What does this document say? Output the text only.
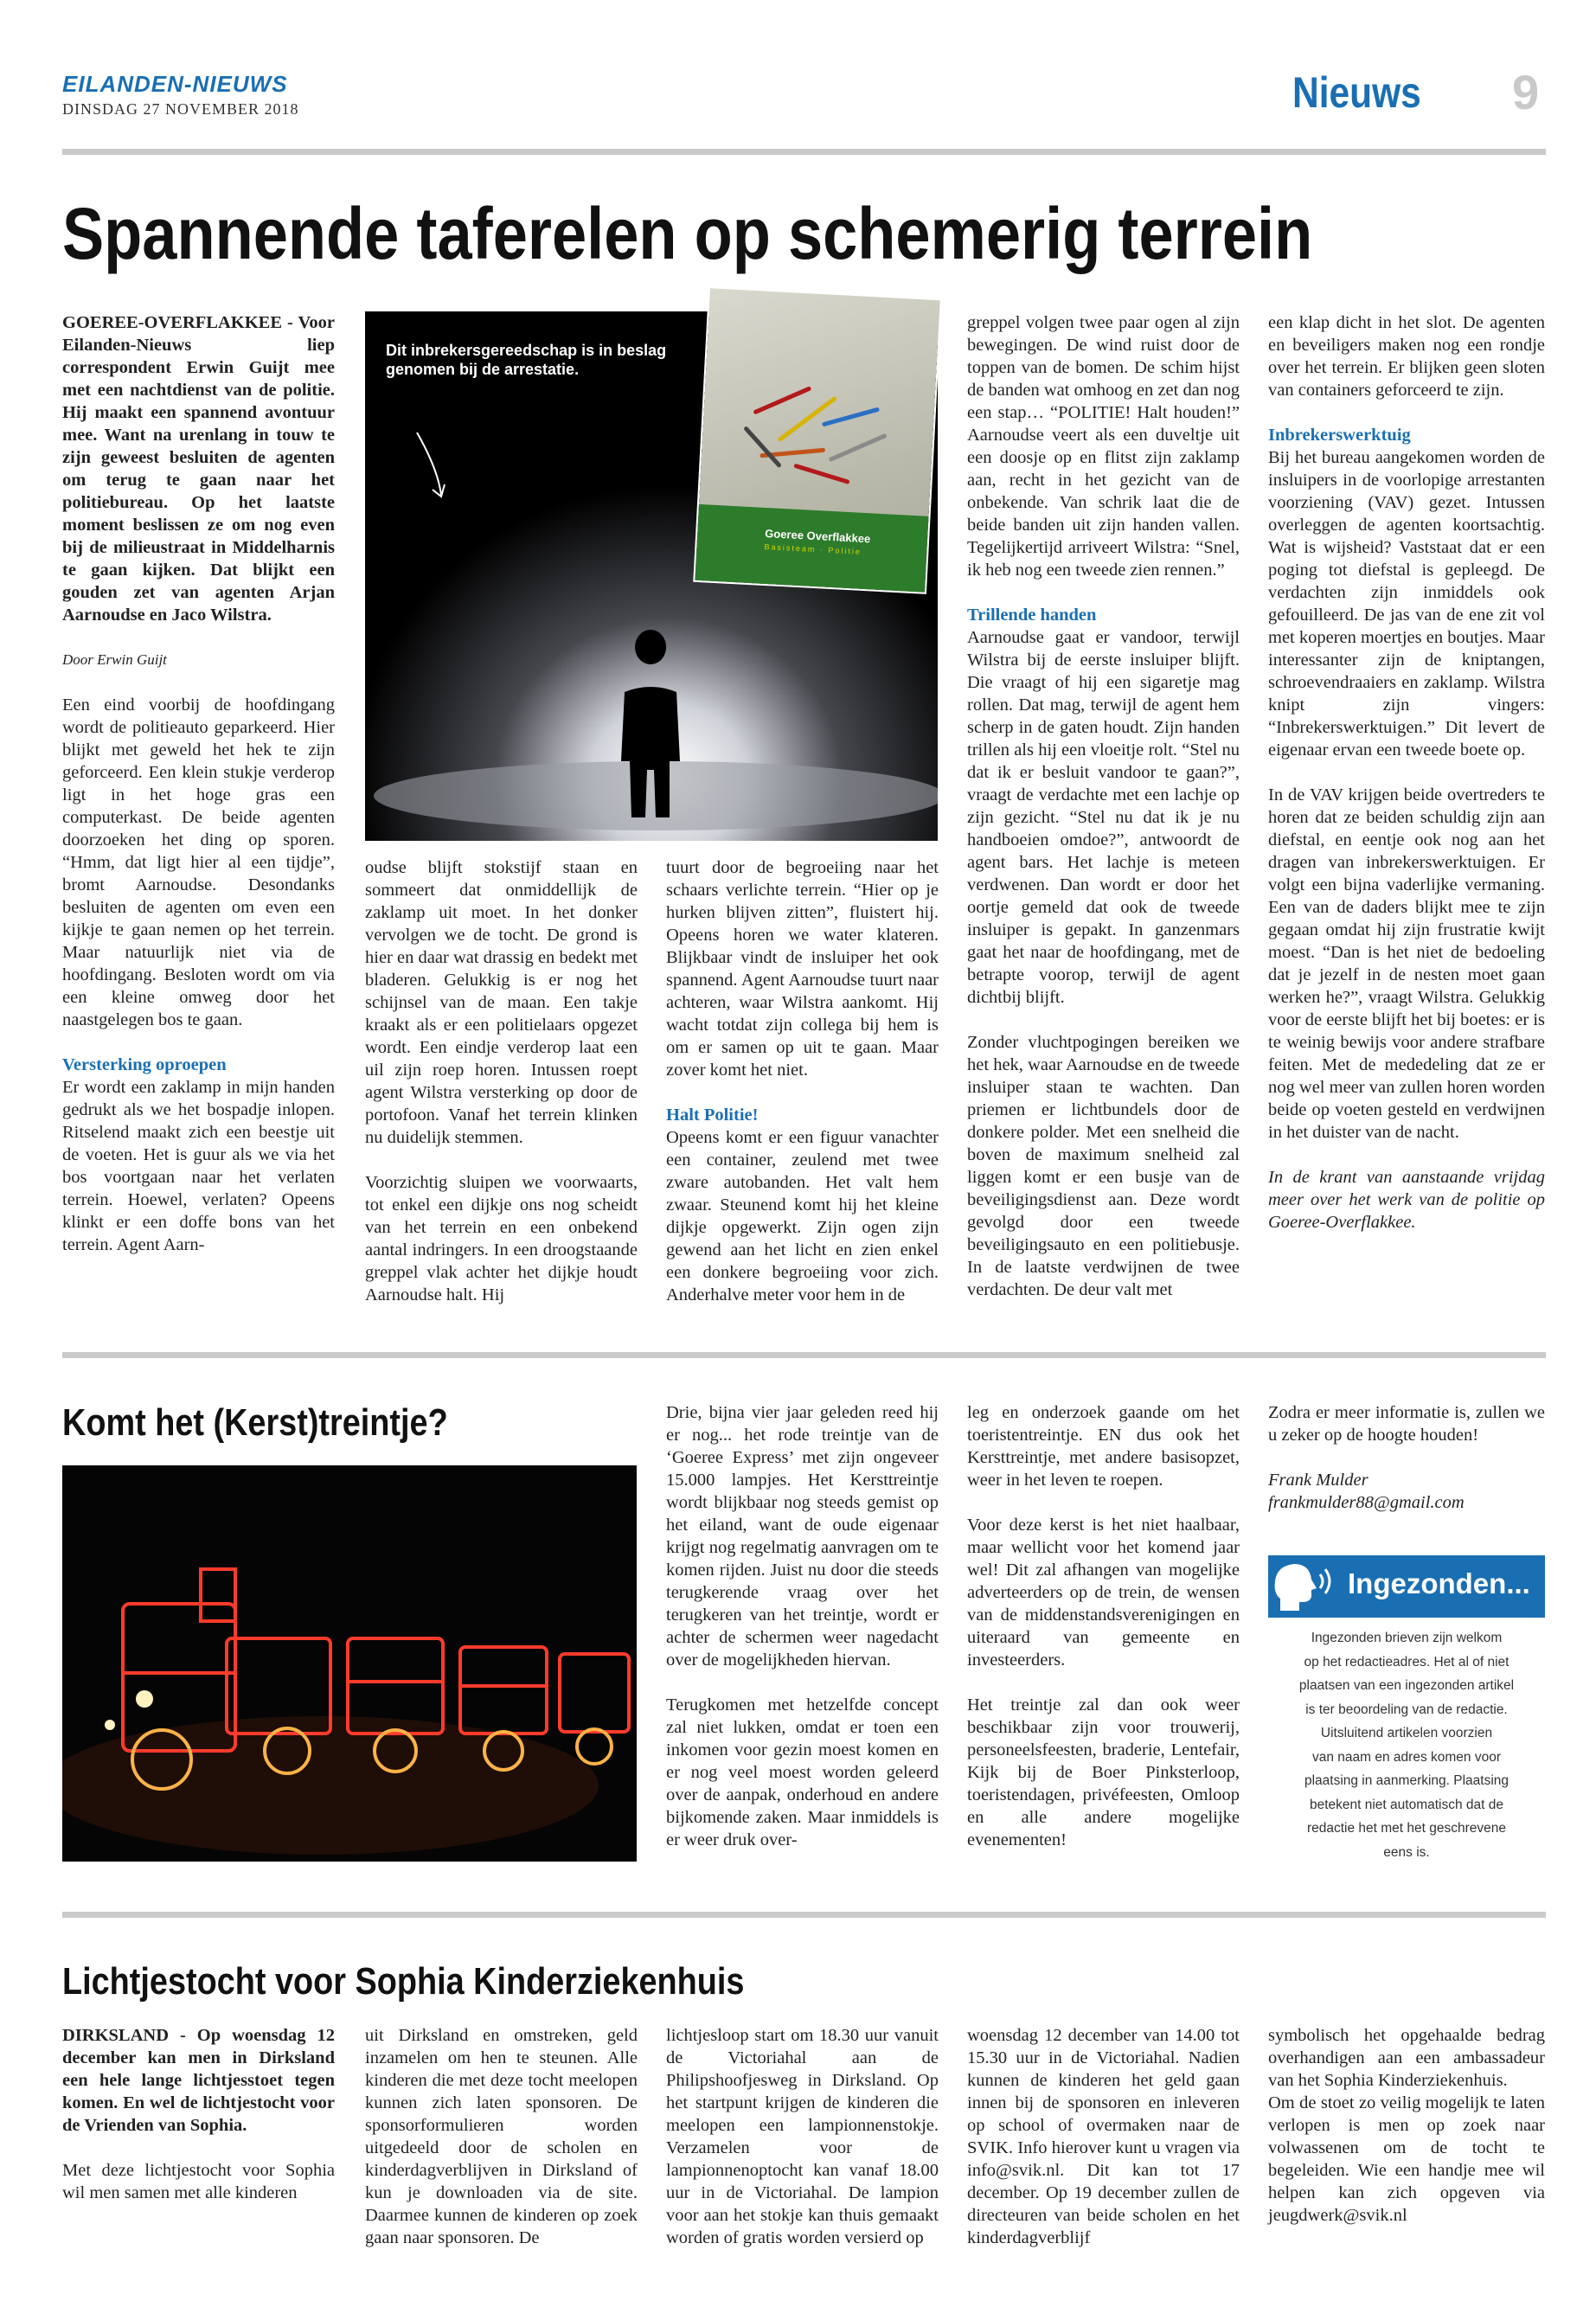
EILANDEN-NIEUWS
DINSDAG 27 NOVEMBER 2018	Nieuws 9
Spannende taferelen op schemerig terrein

GOEREE-OVERFLAKKEE - Voor Eilanden-Nieuws liep correspondent Erwin Guijt mee met een nachtdienst van de politie. Hij maakt een spannend avontuur mee. Want na urenlang in touw te zijn geweest besluiten de agenten om terug te gaan naar het politiebureau. Op het laatste moment beslissen ze om nog even bij de milieustraat in Middelharnis te gaan kijken. Dat blijkt een gouden zet van agenten Arjan Aarnoudse en Jaco Wilstra.

Door Erwin Guijt

Een eind voorbij de hoofdingang wordt de politieauto geparkeerd. Hier blijkt met geweld het hek te zijn geforceerd. Een klein stukje verderop ligt in het hoge gras een computerkast. De beide agenten doorzoeken het ding op sporen. “Hmm, dat ligt hier al een tijdje”, bromt Aarnoudse. Desondanks besluiten de agenten om even een kijkje te gaan nemen op het terrein. Maar natuurlijk niet via de hoofdingang. Besloten wordt om via een kleine omweg door het naastgelegen bos te gaan.

Versterking oproepen

Er wordt een zaklamp in mijn handen gedrukt als we het bospadje inlopen. Ritselend maakt zich een beestje uit de voeten. Het is guur als we via het bos voortgaan naar het verlaten terrein. Hoewel, verlaten? Opeens klinkt er een doffe bons van het terrein. Agent Aarn-

Dit inbrekersgereedschap is in beslag genomen bij de arrestatie.
Goeree Overflakkee
Basisteam · Politie

oudse blijft stokstijf staan en sommeert dat onmiddellijk de zaklamp uit moet. In het donker vervolgen we de tocht. De grond is hier en daar wat drassig en bedekt met bladeren. Gelukkig is er nog het schijnsel van de maan. Een takje kraakt als er een politielaars opgezet wordt. Een eindje verderop laat een uil zijn roep horen. Intussen roept agent Wilstra versterking op door de portofoon. Vanaf het terrein klinken nu duidelijk stemmen.

Voorzichtig sluipen we voorwaarts, tot enkel een dijkje ons nog scheidt van het terrein en een onbekend aantal indringers. In een droogstaande greppel vlak achter het dijkje houdt Aarnoudse halt. Hij

tuurt door de begroeiing naar het schaars verlichte terrein. “Hier op je hurken blijven zitten”, fluistert hij. Opeens horen we water klateren. Blijkbaar vindt de insluiper het ook spannend. Agent Aarnoudse tuurt naar achteren, waar Wilstra aankomt. Hij wacht totdat zijn collega bij hem is om er samen op uit te gaan. Maar zover komt het niet.

Halt Politie!

Opeens komt er een figuur vanachter een container, zeulend met twee zware autobanden. Het valt hem zwaar. Steunend komt hij het kleine dijkje opgewerkt. Zijn ogen zijn gewend aan het licht en zien enkel een donkere begroeiing voor zich. Anderhalve meter voor hem in de

greppel volgen twee paar ogen al zijn bewegingen. De wind ruist door de toppen van de bomen. De schim hijst de banden wat omhoog en zet dan nog een stap… “POLITIE! Halt houden!” Aarnoudse veert als een duveltje uit een doosje op en flitst zijn zaklamp aan, recht in het gezicht van de onbekende. Van schrik laat die de beide banden uit zijn handen vallen. Tegelijkertijd arriveert Wilstra: “Snel, ik heb nog een tweede zien rennen.”

Trillende handen

Aarnoudse gaat er vandoor, terwijl Wilstra bij de eerste insluiper blijft. Die vraagt of hij een sigaretje mag rollen. Dat mag, terwijl de agent hem scherp in de gaten houdt. Zijn handen trillen als hij een vloeitje rolt. “Stel nu dat ik er besluit vandoor te gaan?”, vraagt de verdachte met een lachje op zijn gezicht. “Stel nu dat ik je nu handboeien omdoe?”, antwoordt de agent bars. Het lachje is meteen verdwenen. Dan wordt er door het oortje gemeld dat ook de tweede insluiper is gepakt. In ganzenmars gaat het naar de hoofdingang, met de betrapte voorop, terwijl de agent dichtbij blijft.

Zonder vluchtpogingen bereiken we het hek, waar Aarnoudse en de tweede insluiper staan te wachten. Dan priemen er lichtbundels door de donkere polder. Met een snelheid die boven de maximum snelheid zal liggen komt er een busje van de beveiligingsdienst aan. Deze wordt gevolgd door een tweede beveiligingsauto en een politiebusje. In de laatste verdwijnen de twee verdachten. De deur valt met

een klap dicht in het slot. De agenten en beveiligers maken nog een rondje over het terrein. Er blijken geen sloten van containers geforceerd te zijn.

Inbrekerswerktuig

Bij het bureau aangekomen worden de insluipers in de voorlopige arrestanten voorziening (VAV) gezet. Intussen overleggen de agenten koortsachtig. Wat is wijsheid? Vaststaat dat er een poging tot diefstal is gepleegd. De verdachten zijn inmiddels ook gefouilleerd. De jas van de ene zit vol met koperen moertjes en boutjes. Maar interessanter zijn de kniptangen, schroevendraaiers en zaklamp. Wilstra knipt zijn vingers: “Inbrekerswerktuigen.” Dit levert de eigenaar ervan een tweede boete op.

In de VAV krijgen beide overtreders te horen dat ze beiden schuldig zijn aan diefstal, en eentje ook nog aan het dragen van inbrekerswerktuigen. Er volgt een bijna vaderlijke vermaning. Een van de daders blijkt mee te zijn gegaan omdat hij zijn frustratie kwijt moest. “Dan is het niet de bedoeling dat je jezelf in de nesten moet gaan werken he?”, vraagt Wilstra. Gelukkig voor de eerste blijft het bij boetes: er is te weinig bewijs voor andere strafbare feiten. Met de mededeling dat ze er nog wel meer van zullen horen worden beide op voeten gesteld en verdwijnen in het duister van de nacht.

In de krant van aanstaande vrijdag meer over het werk van de politie op Goeree-Overflakkee.

Komt het (Kerst)treintje?	Drie, bijna vier jaar geleden reed hij er nog... het rode treintje van de ‘Goeree Express’ met zijn ongeveer 15.000 lampjes. Het Kersttreintje wordt blijkbaar nog steeds gemist op het eiland, want de oude eigenaar krijgt nog regelmatig aanvragen om te komen rijden. Juist nu door die steeds terugkerende vraag over het terugkeren van het treintje, wordt er achter de schermen weer nagedacht over de mogelijkheden hiervan.

Terugkomen met hetzelfde concept zal niet lukken, omdat er toen een inkomen voor gezin moest komen en er nog veel moest worden geleerd over de aanpak, onderhoud en andere bijkomende zaken. Maar inmiddels is er weer druk over-

leg en onderzoek gaande om het toeristentreintje. EN dus ook het Kersttreintje, met andere basisopzet, weer in het leven te roepen.

Voor deze kerst is het niet haalbaar, maar wellicht voor het komend jaar wel! Dit zal afhangen van mogelijke adverteerders op de trein, de wensen van de middenstandsverenigingen en uiteraard van gemeente en investeerders.

Het treintje zal dan ook weer beschikbaar zijn voor trouwerij, personeelsfeesten, braderie, Lentefair, Kijk bij de Boer Pinksterloop, toeristendagen, privéfeesten, Omloop en alle andere mogelijke evenementen!

Zodra er meer informatie is, zullen we u zeker op de hoogte houden!

Frank Mulder
frankmulder88@gmail.com
Ingezonden...
Ingezonden brieven zijn welkom
op het redactieadres. Het al of niet
plaatsen van een ingezonden artikel
is ter beoordeling van de redactie.
Uitsluitend artikelen voorzien
van naam en adres komen voor
plaatsing in aanmerking. Plaatsing
betekent niet automatisch dat de
redactie het met het geschrevene
eens is.
Lichtjestocht voor Sophia Kinderziekenhuis

DIRKSLAND - Op woensdag 12 december kan men in Dirksland een hele lange lichtjesstoet tegen komen. En wel de lichtjestocht voor de Vrienden van Sophia.

Met deze lichtjestocht voor Sophia wil men samen met alle kinderen

uit Dirksland en omstreken, geld inzamelen om hen te steunen. Alle kinderen die met deze tocht meelopen kunnen zich laten sponsoren. De sponsorformulieren worden uitgedeeld door de scholen en kinderdagverblijven in Dirksland of kun je downloaden via de site. Daarmee kunnen de kinderen op zoek gaan naar sponsoren. De

lichtjesloop start om 18.30 uur vanuit de Victoriahal aan de Philipshoofjesweg in Dirksland. Op het startpunt krijgen de kinderen die meelopen een lampionnenstokje. Verzamelen voor de lampionnenoptocht kan vanaf 18.00 uur in de Victoriahal. De lampion voor aan het stokje kan thuis gemaakt worden of gratis worden versierd op

woensdag 12 december van 14.00 tot 15.30 uur in de Victoriahal. Nadien kunnen de kinderen het geld gaan innen bij de sponsoren en inleveren op school of overmaken naar de SVIK. Info hierover kunt u vragen via info@svik.nl. Dit kan tot 17 december. Op 19 december zullen de directeuren van beide scholen en het kinderdagverblijf

symbolisch het opgehaalde bedrag overhandigen aan een ambassadeur van het Sophia Kinderziekenhuis.

Om de stoet zo veilig mogelijk te laten verlopen is men op zoek naar volwassenen om de tocht te begeleiden. Wie een handje mee wil helpen kan zich opgeven via jeugdwerk@svik.nl
